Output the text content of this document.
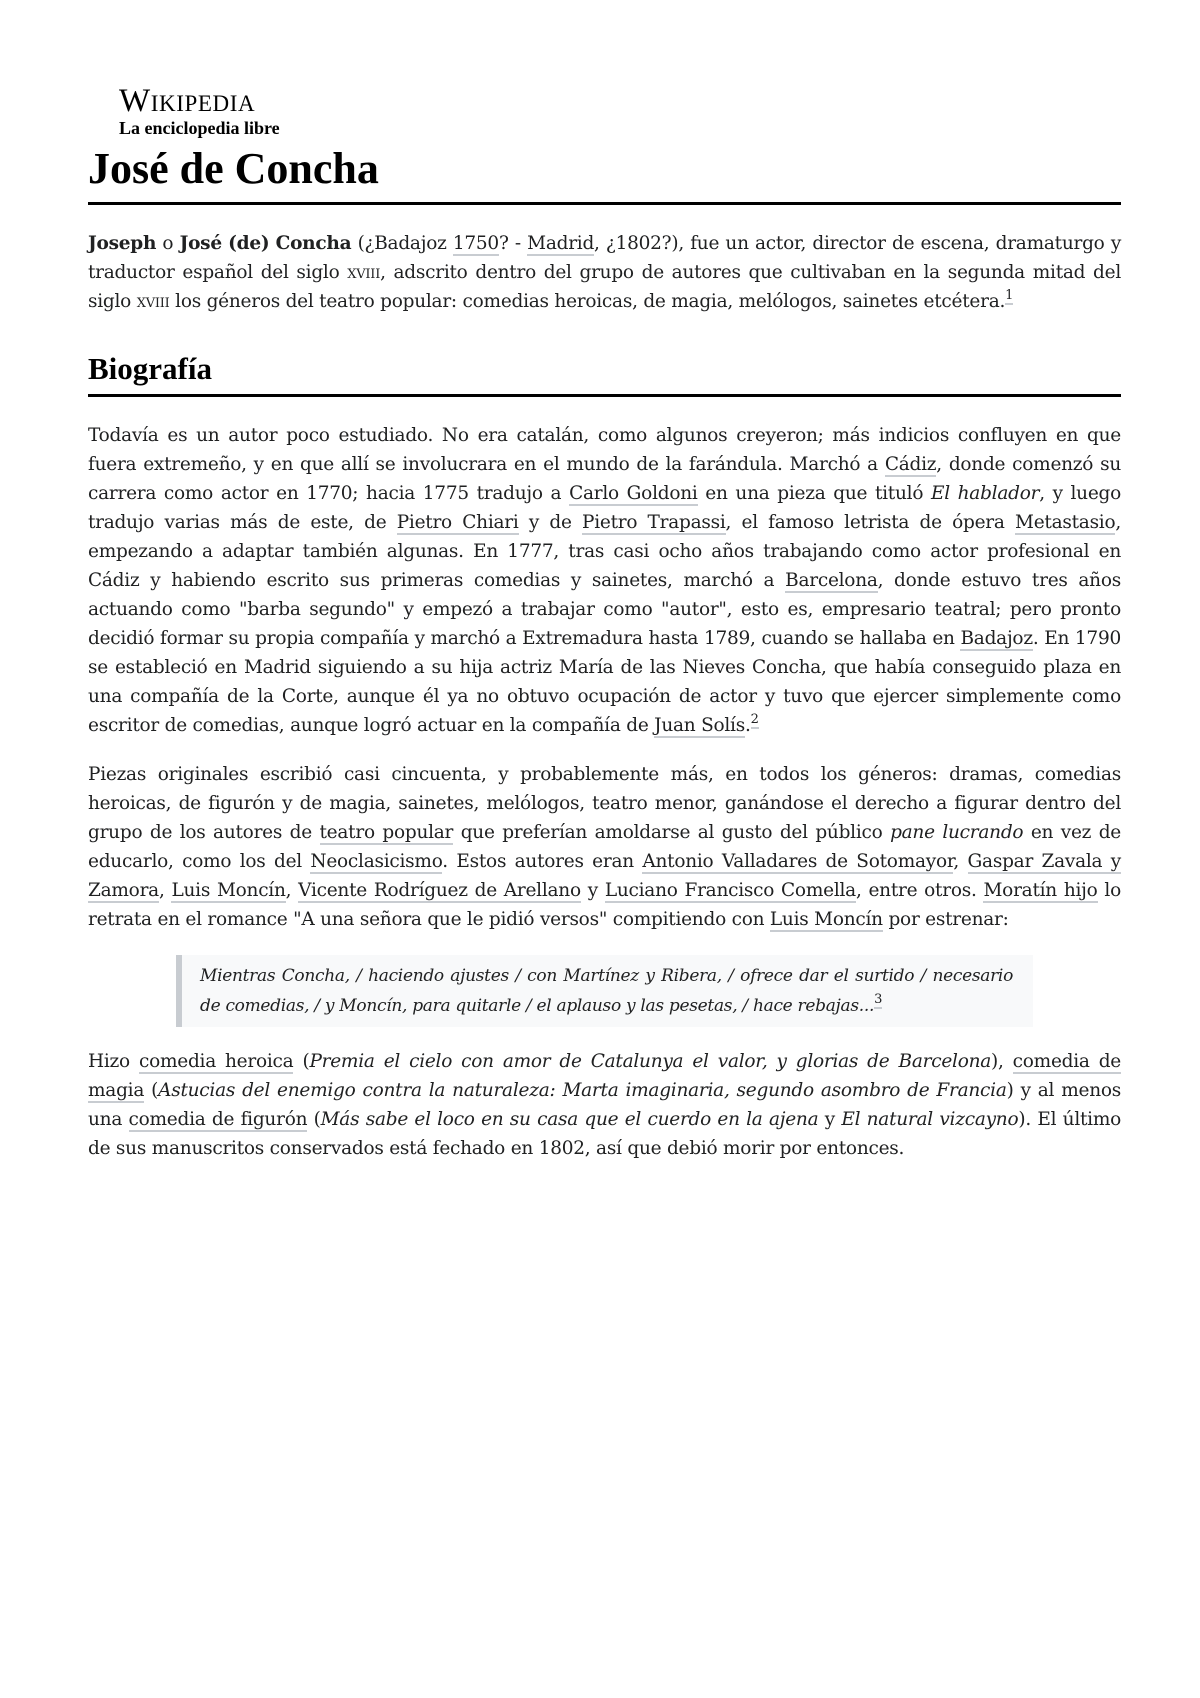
Wikipedia
La enciclopedia libre
José de Concha

Joseph o José (de) Concha (¿Badajoz 1750? - Madrid, ¿1802?), fue un actor, director de escena, dramaturgo y traductor español del siglo xviii, adscrito dentro del grupo de autores que cultivaban en la segunda mitad del siglo xviii los géneros del teatro popular: comedias heroicas, de magia, melólogos, sainetes etcétera.$^1$

Biografía

Todavía es un autor poco estudiado. No era catalán, como algunos creyeron; más indicios confluyen en que fuera extremeño, y en que allí se involucrara en el mundo de la farándula. Marchó a Cádiz, donde comenzó su carrera como actor en 1770; hacia 1775 tradujo a Carlo Goldoni en una pieza que tituló El hablador, y luego tradujo varias más de este, de Pietro Chiari y de Pietro Trapassi, el famoso letrista de ópera Metastasio, empezando a adaptar también algunas. En 1777, tras casi ocho años trabajando como actor profesional en Cádiz y habiendo escrito sus primeras comedias y sainetes, marchó a Barcelona, donde estuvo tres años actuando como "barba segundo" y empezó a trabajar como "autor", esto es, empresario teatral; pero pronto decidió formar su propia compañía y marchó a Extremadura hasta 1789, cuando se hallaba en Badajoz. En 1790 se estableció en Madrid siguiendo a su hija actriz María de las Nieves Concha, que había conseguido plaza en una compañía de la Corte, aunque él ya no obtuvo ocupación de actor y tuvo que ejercer simplemente como escritor de comedias, aunque logró actuar en la compañía de Juan Solís.$^2$

Piezas originales escribió casi cincuenta, y probablemente más, en todos los géneros: dramas, comedias heroicas, de figurón y de magia, sainetes, melólogos, teatro menor, ganándose el derecho a figurar dentro del grupo de los autores de teatro popular que preferían amoldarse al gusto del público pane lucrando en vez de educarlo, como los del Neoclasicismo. Estos autores eran Antonio Valladares de Sotomayor, Gaspar Zavala y Zamora, Luis Moncín, Vicente Rodríguez de Arellano y Luciano Francisco Comella, entre otros. Moratín hijo lo retrata en el romance "A una señora que le pidió versos" compitiendo con Luis Moncín por estrenar:

Mientras Concha, / haciendo ajustes / con Martínez y Ribera, / ofrece dar el surtido / necesario de comedias, / y Moncín, para quitarle / el aplauso y las pesetas, / hace rebajas...$^3$

Hizo comedia heroica (Premia el cielo con amor de Catalunya el valor, y glorias de Barcelona), comedia de magia (Astucias del enemigo contra la naturaleza: Marta imaginaria, segundo asombro de Francia) y al menos una comedia de figurón (Más sabe el loco en su casa que el cuerdo en la ajena y El natural vizcayno). El último de sus manuscritos conservados está fechado en 1802, así que debió morir por entonces.
